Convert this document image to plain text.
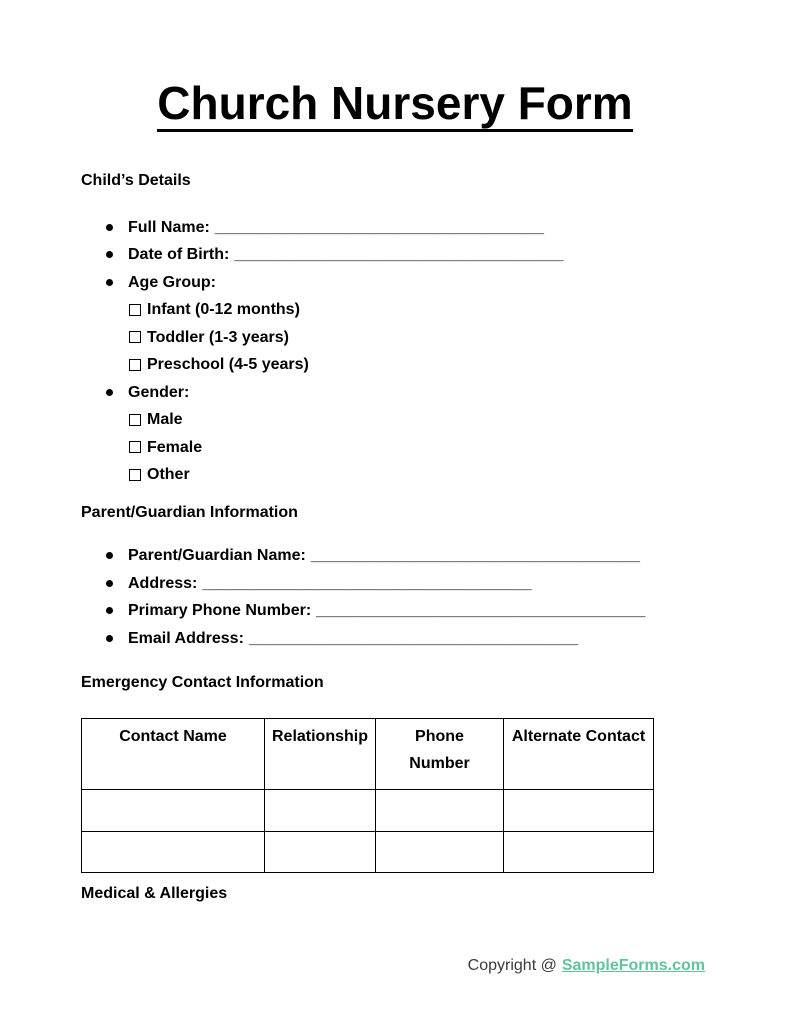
Church Nursery Form
Child’s Details
Full Name: _____________________________________
Date of Birth: _____________________________________
Age Group:
Infant (0-12 months)
Toddler (1-3 years)
Preschool (4-5 years)
Gender:
Male
Female
Other
Parent/Guardian Information
Parent/Guardian Name: _____________________________________
Address: _____________________________________
Primary Phone Number: _____________________________________
Email Address: _____________________________________
Emergency Contact Information
Contact Name	Relationship	Phone Number	Alternate Contact

Medical & Allergies
Copyright @ SampleForms.com
